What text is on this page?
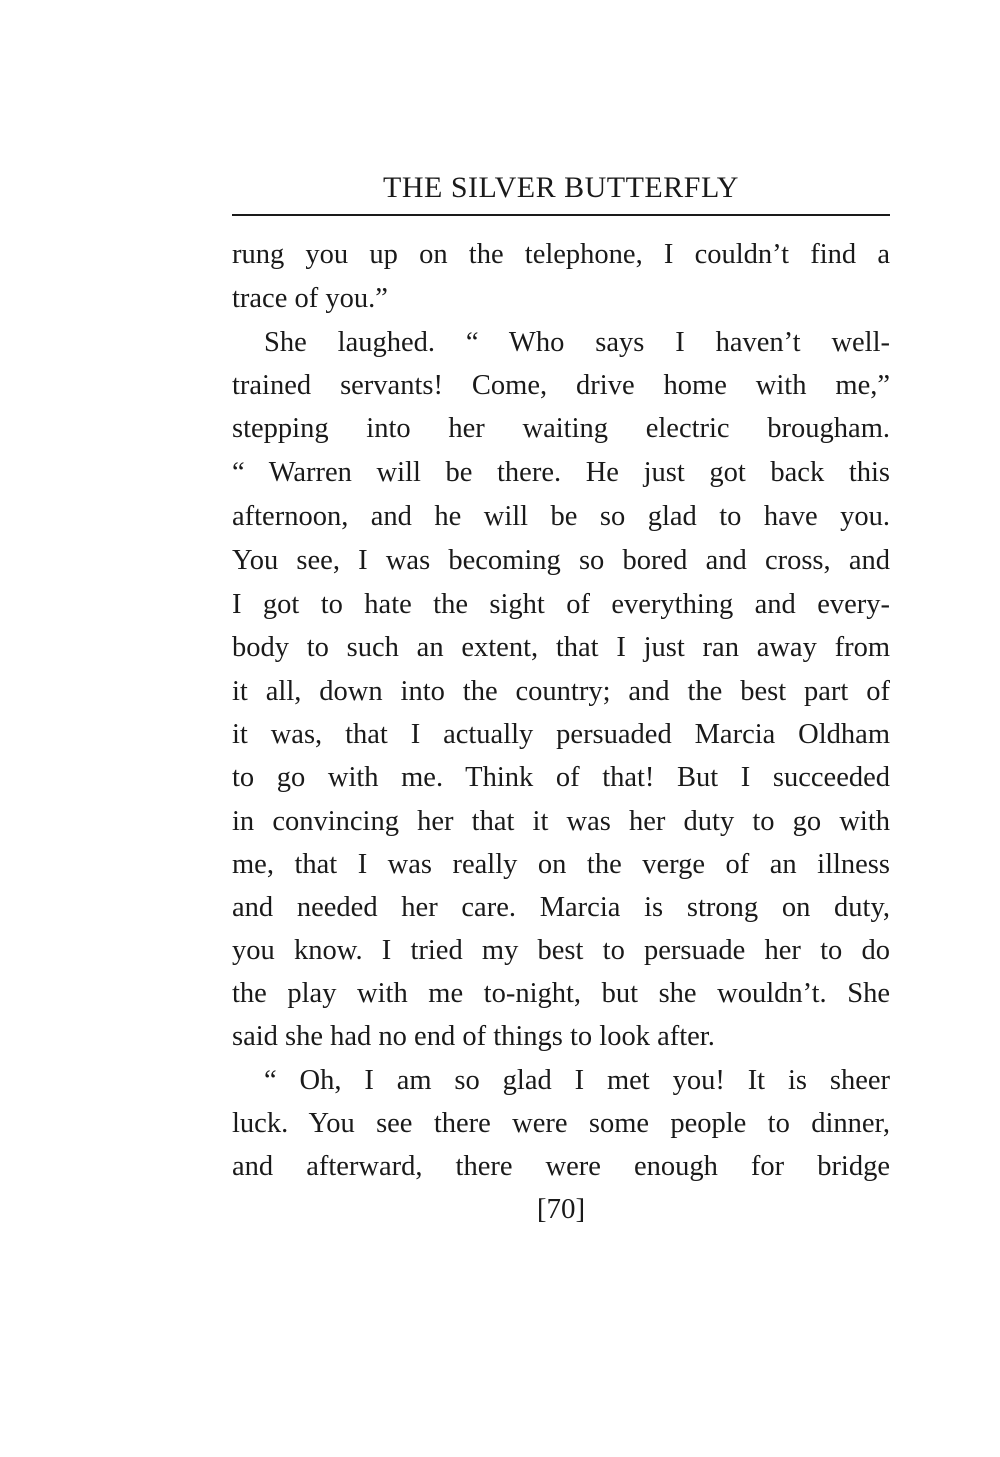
THE SILVER BUTTERFLY
rung you up on the telephone, I couldn’t find a
trace of you.”
She laughed. “ Who says I haven’t well-
trained servants! Come, drive home with me,”
stepping into her waiting electric brougham.
“ Warren will be there. He just got back this
afternoon, and he will be so glad to have you.
You see, I was becoming so bored and cross, and
I got to hate the sight of everything and every-
body to such an extent, that I just ran away from
it all, down into the country; and the best part of
it was, that I actually persuaded Marcia Oldham
to go with me. Think of that! But I succeeded
in convincing her that it was her duty to go with
me, that I was really on the verge of an illness
and needed her care. Marcia is strong on duty,
you know. I tried my best to persuade her to do
the play with me to-night, but she wouldn’t. She
said she had no end of things to look after.
“ Oh, I am so glad I met you! It is sheer
luck. You see there were some people to dinner,
and afterward, there were enough for bridge
[70]
